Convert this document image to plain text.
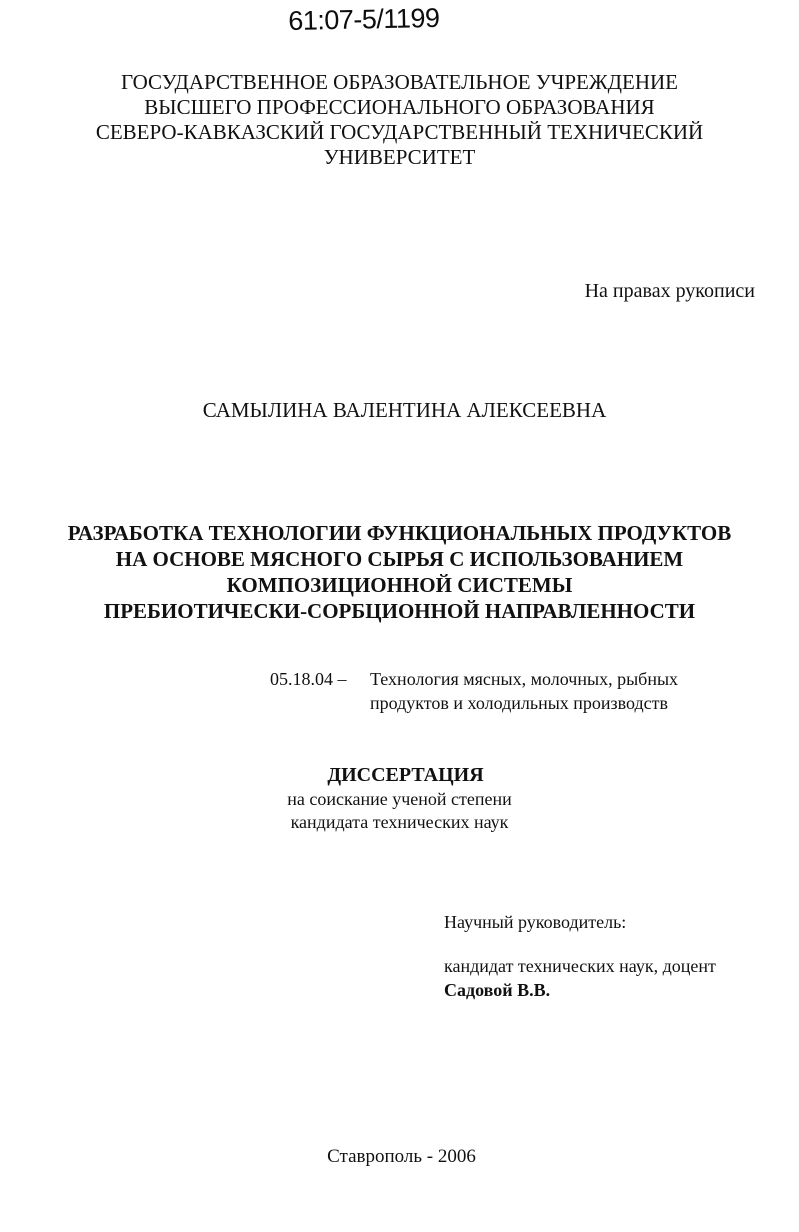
61:07-5/1199
ГОСУДАРСТВЕННОЕ ОБРАЗОВАТЕЛЬНОЕ УЧРЕЖДЕНИЕ
ВЫСШЕГО ПРОФЕССИОНАЛЬНОГО ОБРАЗОВАНИЯ
СЕВЕРО-КАВКАЗСКИЙ ГОСУДАРСТВЕННЫЙ ТЕХНИЧЕСКИЙ
УНИВЕРСИТЕТ
На правах рукописи
САМЫЛИНА ВАЛЕНТИНА АЛЕКСЕЕВНА
РАЗРАБОТКА ТЕХНОЛОГИИ ФУНКЦИОНАЛЬНЫХ ПРОДУКТОВ
НА ОСНОВЕ МЯСНОГО СЫРЬЯ С ИСПОЛЬЗОВАНИЕМ
КОМПОЗИЦИОННОЙ СИСТЕМЫ
ПРЕБИОТИЧЕСКИ-СОРБЦИОННОЙ НАПРАВЛЕННОСТИ
05.18.04 – Технология мясных, молочных, рыбных
продуктов и холодильных производств
ДИССЕРТАЦИЯ
на соискание ученой степени
кандидата технических наук
Научный руководитель:
кандидат технических наук, доцент
Садовой В.В.
Ставрополь - 2006
